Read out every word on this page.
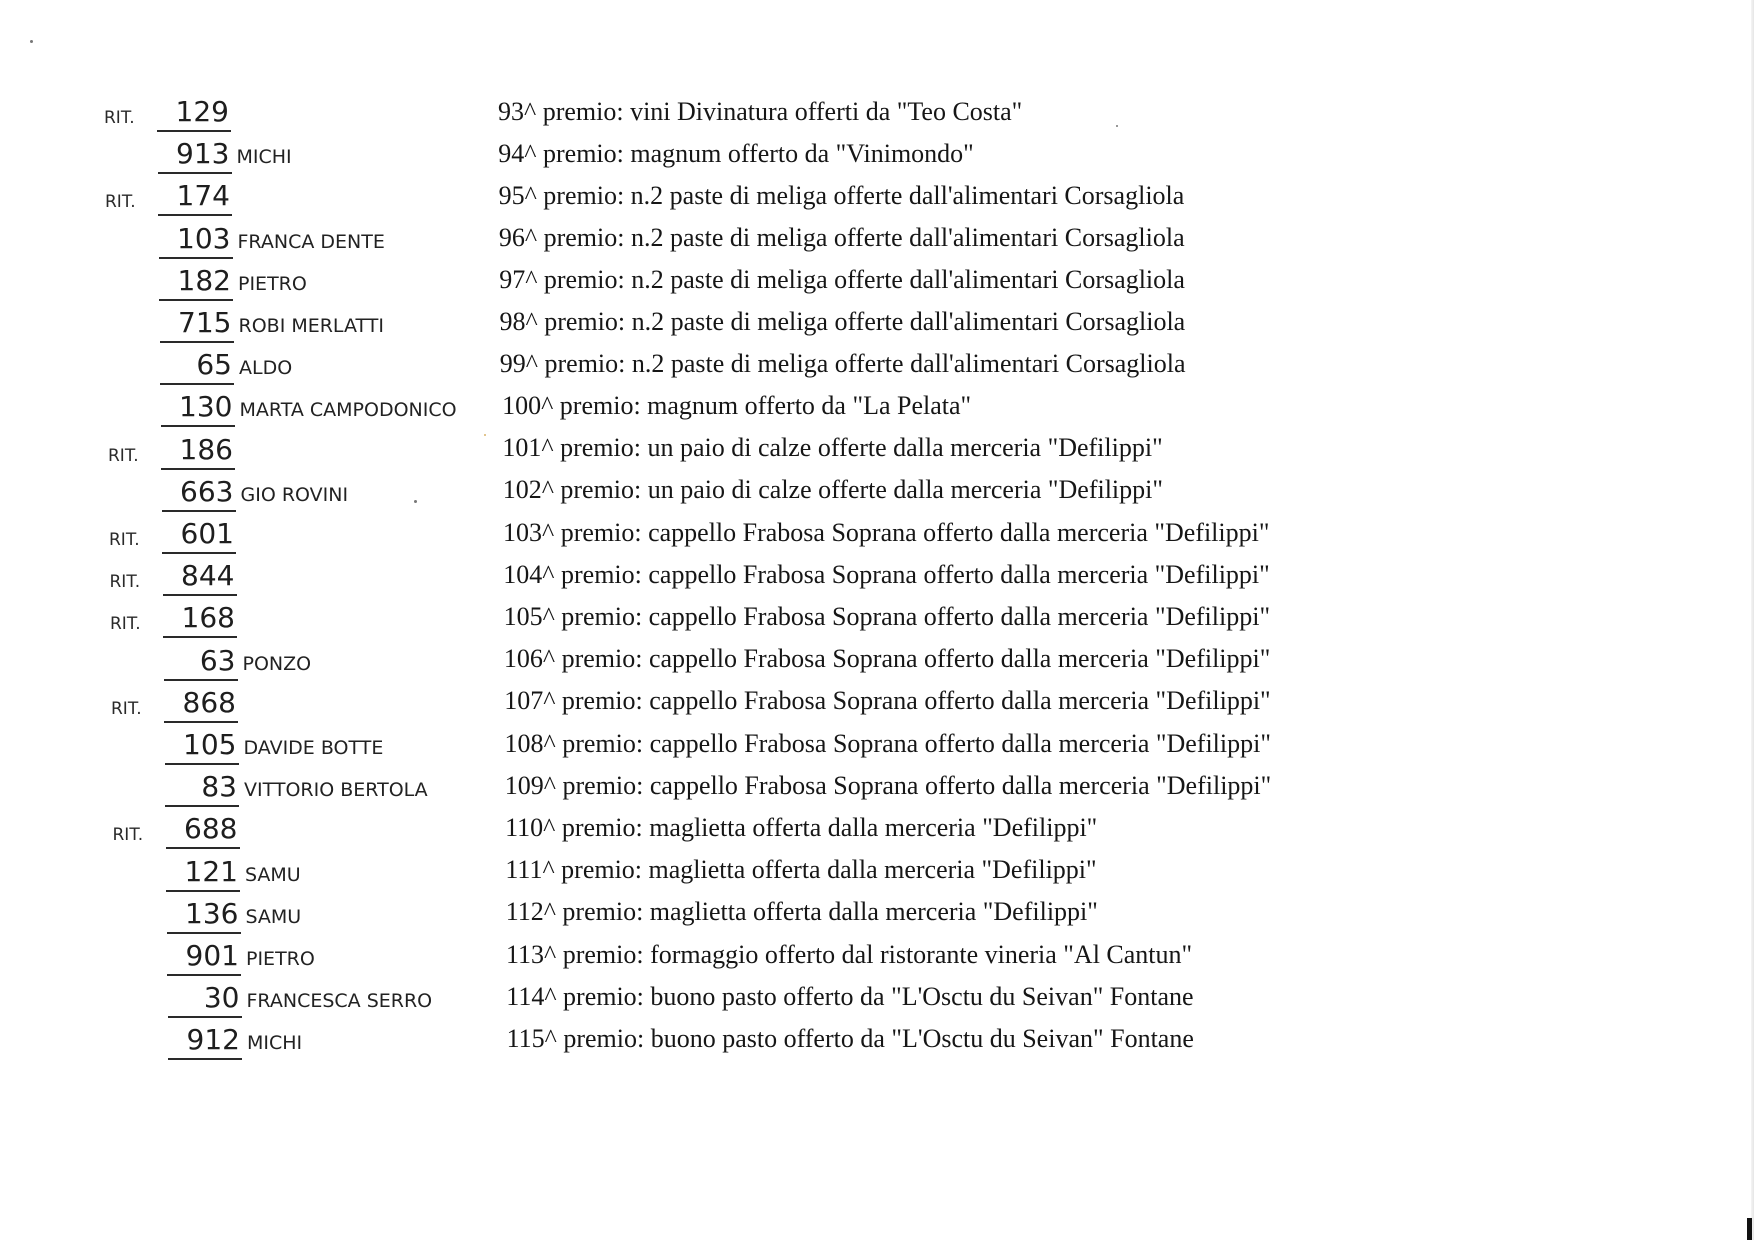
RIT.	129	93^ premio: vini Divinatura offerti da "Teo Costa"
913 MICHI	94^ premio: magnum offerto da "Vinimondo"
RIT.	174	95^ premio: n.2 paste di meliga offerte dall'alimentari Corsagliola
103 FRANCA DENTE	96^ premio: n.2 paste di meliga offerte dall'alimentari Corsagliola
182 PIETRO	97^ premio: n.2 paste di meliga offerte dall'alimentari Corsagliola
715 ROBI MERLATTI	98^ premio: n.2 paste di meliga offerte dall'alimentari Corsagliola
65 ALDO	99^ premio: n.2 paste di meliga offerte dall'alimentari Corsagliola
130 MARTA CAMPODONICO 100^ premio: magnum offerto da "La Pelata"
RIT.	186	101^ premio: un paio di calze offerte dalla merceria "Defilippi"
663 GIO ROVINI	102^ premio: un paio di calze offerte dalla merceria "Defilippi"
RIT.	601	103^ premio: cappello Frabosa Soprana offerto dalla merceria "Defilippi"
RIT.	844	104^ premio: cappello Frabosa Soprana offerto dalla merceria "Defilippi"
RIT.	168	105^ premio: cappello Frabosa Soprana offerto dalla merceria "Defilippi"
63 PONZO	106^ premio: cappello Frabosa Soprana offerto dalla merceria "Defilippi"
RIT.	868	107^ premio: cappello Frabosa Soprana offerto dalla merceria "Defilippi"
105 DAVIDE BOTTE	108^ premio: cappello Frabosa Soprana offerto dalla merceria "Defilippi"
83 VITTORIO BERTOLA	109^ premio: cappello Frabosa Soprana offerto dalla merceria "Defilippi"
RIT.	688	110^ premio: maglietta offerta dalla merceria "Defilippi"
121 SAMU	111^ premio: maglietta offerta dalla merceria "Defilippi"
136 SAMU	112^ premio: maglietta offerta dalla merceria "Defilippi"
901 PIETRO	113^ premio: formaggio offerto dal ristorante vineria "Al Cantun"
30 FRANCESCA SERRO	114^ premio: buono pasto offerto da "L'Osctu du Seivan" Fontane
912 MICHI	115^ premio: buono pasto offerto da "L'Osctu du Seivan" Fontane
